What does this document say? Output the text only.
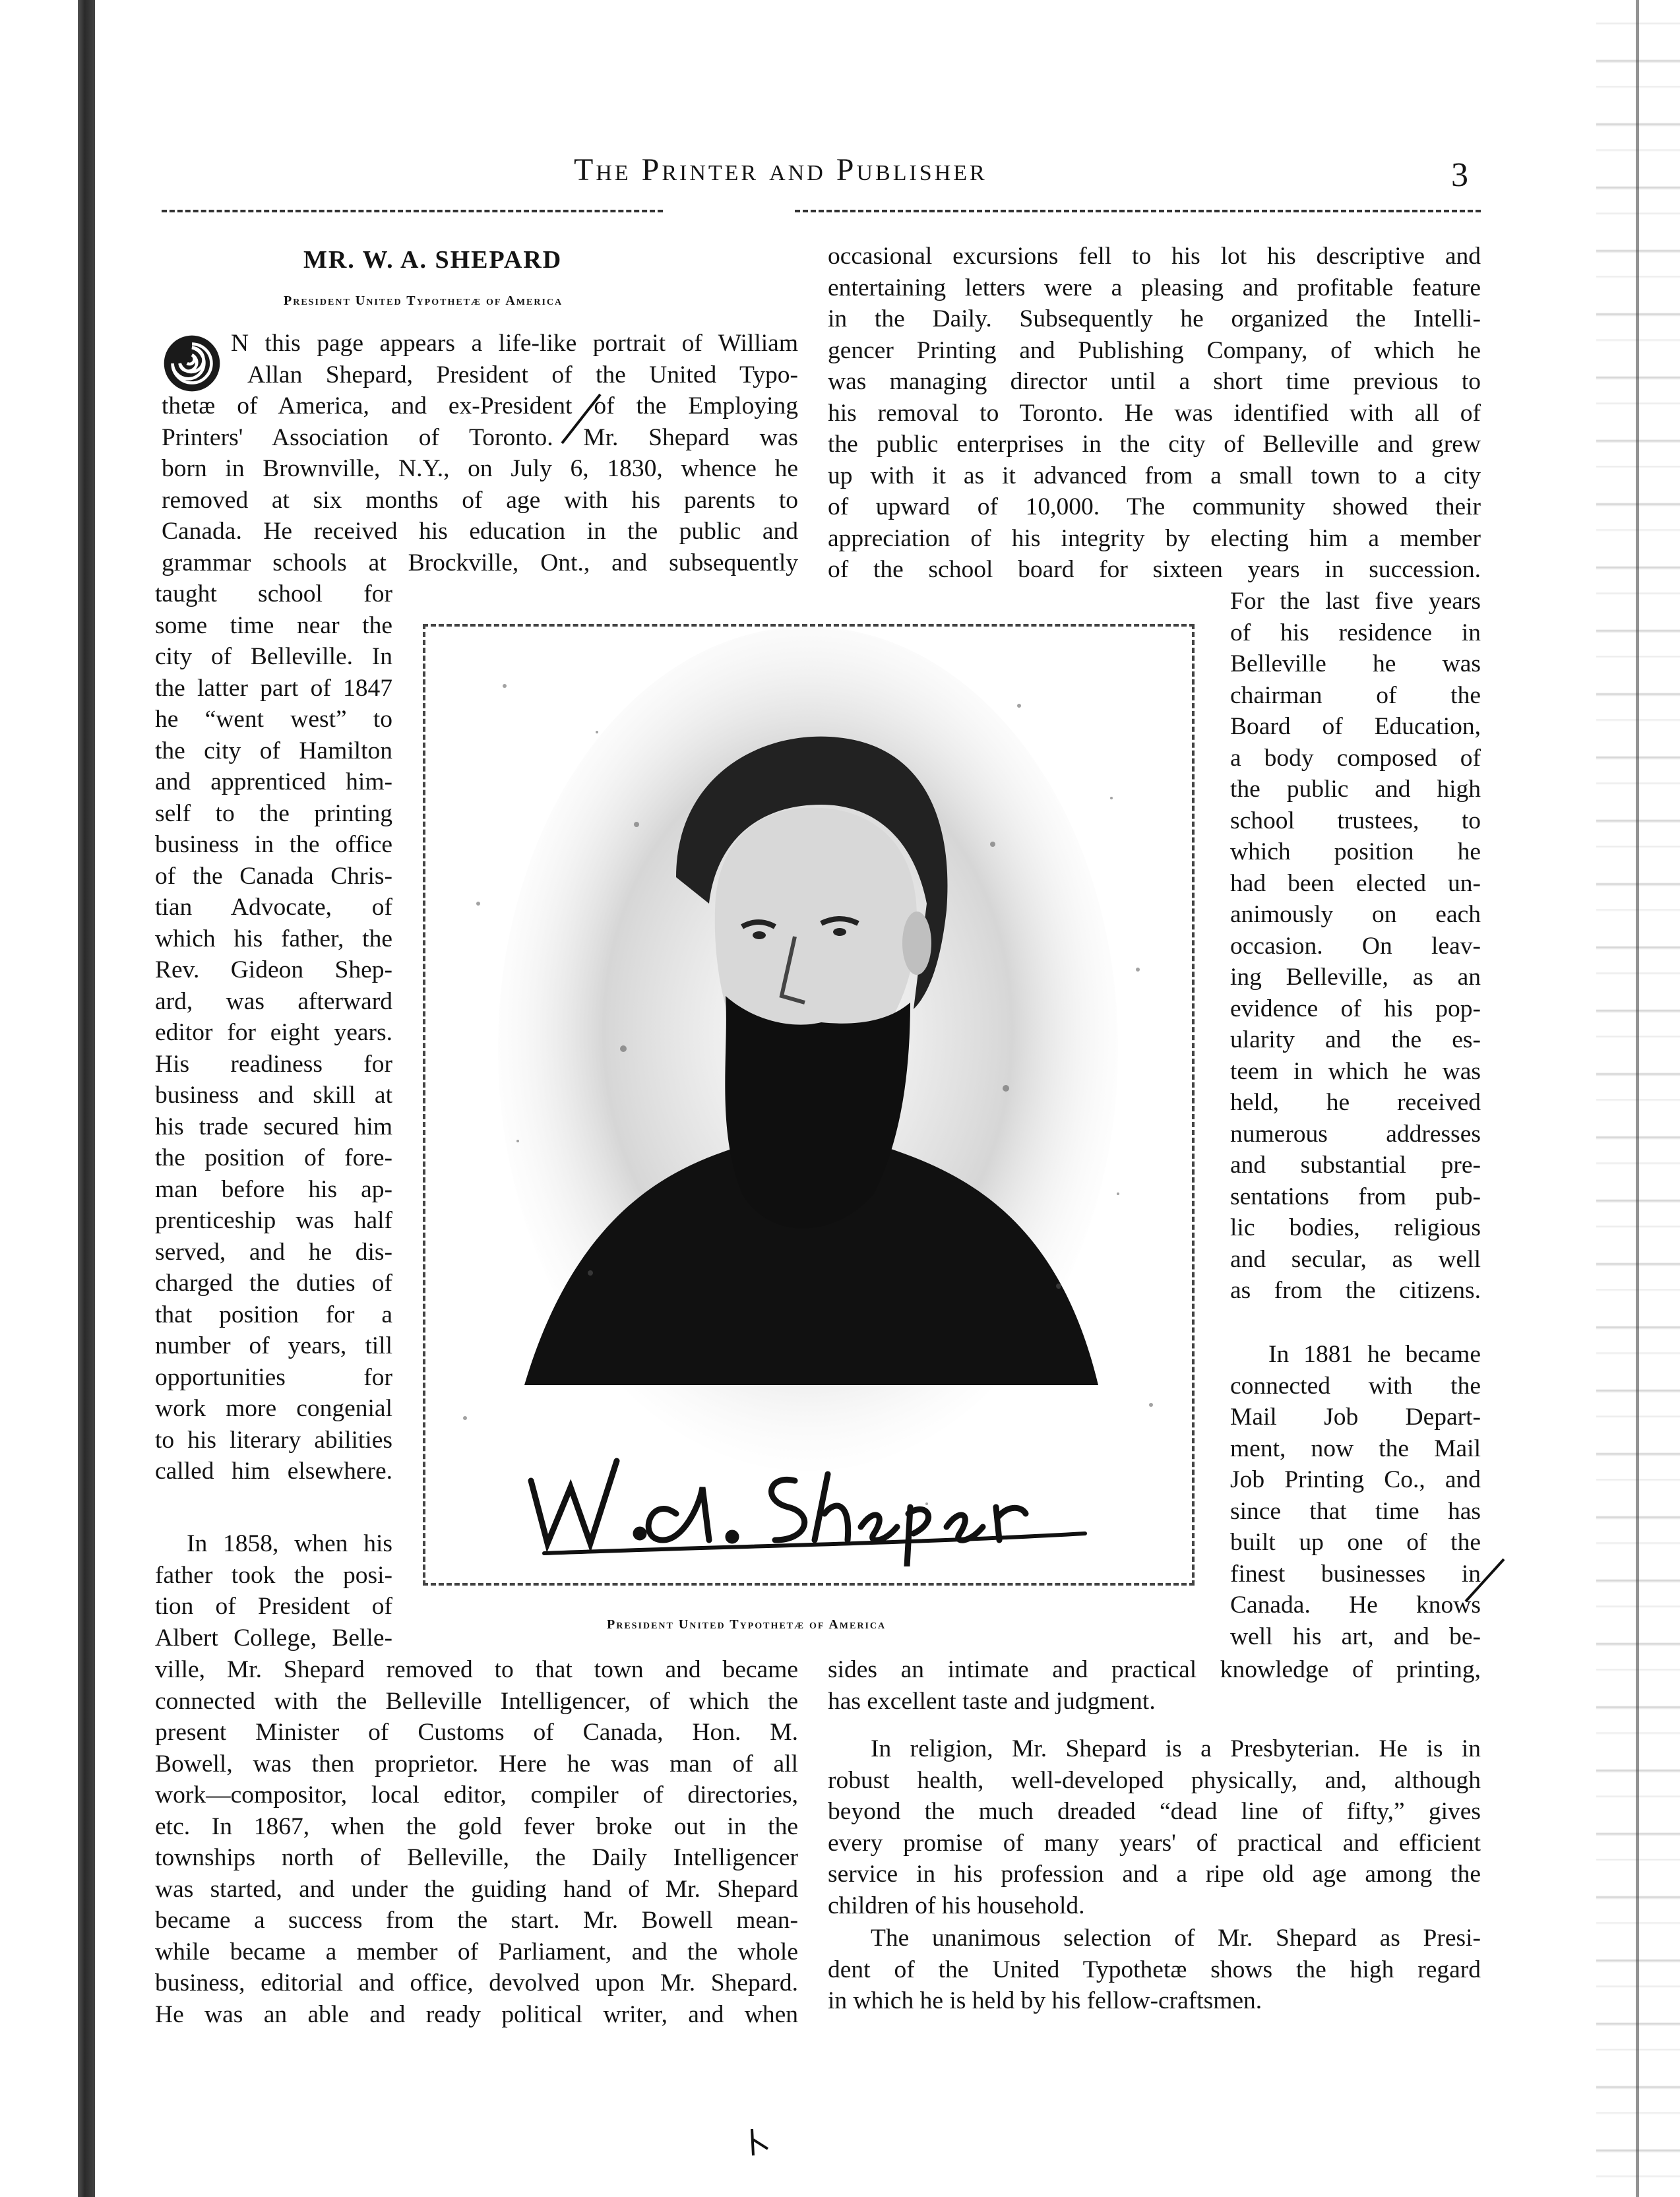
The Printer and Publisher	3
MR. W. A. SHEPARD
President United Typothetæ of America
N this page appears a life-like portrait of William
Allan Shepard, President of the United Typo-
thetæ of America, and ex-President of the Employing
Printers' Association of Toronto. Mr. Shepard was
born in Brownville, N.Y., on July 6, 1830, whence he
removed at six months of age with his parents to
Canada. He received his education in the public and
grammar schools at Brockville, Ont., and subsequently
taught school for
some time near the
city of Belleville. In
the latter part of 1847
he “went west” to
the city of Hamilton
and apprenticed him-
self to the printing
business in the office
of the Canada Chris-
tian Advocate, of
which his father, the
Rev. Gideon Shep-
ard, was afterward
editor for eight years.
His readiness for
business and skill at
his trade secured him
the position of fore-
man before his ap-
prenticeship was half
served, and he dis-
charged the duties of
that position for a
number of years, till
opportunities for
work more congenial
to his literary abilities
called him elsewhere.
In 1858, when his
father took the posi-
tion of President of
Albert College, Belle-
ville, Mr. Shepard removed to that town and became
connected with the Belleville Intelligencer, of which the
present Minister of Customs of Canada, Hon. M.
Bowell, was then proprietor. Here he was man of all
work—compositor, local editor, compiler of directories,
etc. In 1867, when the gold fever broke out in the
townships north of Belleville, the Daily Intelligencer
was started, and under the guiding hand of Mr. Shepard
became a success from the start. Mr. Bowell mean-
while became a member of Parliament, and the whole
business, editorial and office, devolved upon Mr. Shepard.
He was an able and ready political writer, and when
occasional excursions fell to his lot his descriptive and
entertaining letters were a pleasing and profitable feature
in the Daily. Subsequently he organized the Intelli-
gencer Printing and Publishing Company, of which he
was managing director until a short time previous to
his removal to Toronto. He was identified with all of
the public enterprises in the city of Belleville and grew
up with it as it advanced from a small town to a city
of upward of 10,000. The community showed their
appreciation of his integrity by electing him a member
of the school board for sixteen years in succession.
For the last five years
of his residence in
Belleville he was
chairman of the
Board of Education,
a body composed of
the public and high
school trustees, to
which position he
had been elected un-
animously on each
occasion. On leav-
ing Belleville, as an
evidence of his pop-
ularity and the es-
teem in which he was
held, he received
numerous addresses
and substantial pre-
sentations from pub-
lic bodies, religious
and secular, as well
as from the citizens.
In 1881 he became
connected with the
Mail Job Depart-
ment, now the Mail
Job Printing Co., and
since that time has
built up one of the
finest businesses in
Canada. He knows
well his art, and be-
sides an intimate and practical knowledge of printing,
has excellent taste and judgment.
In religion, Mr. Shepard is a Presbyterian. He is in
robust health, well-developed physically, and, although
beyond the much dreaded “dead line of fifty,” gives
every promise of many years' of practical and efficient
service in his profession and a ripe old age among the
children of his household.
The unanimous selection of Mr. Shepard as Presi-
dent of the United Typothetæ shows the high regard
in which he is held by his fellow-craftsmen.
President United Typothetæ of America
